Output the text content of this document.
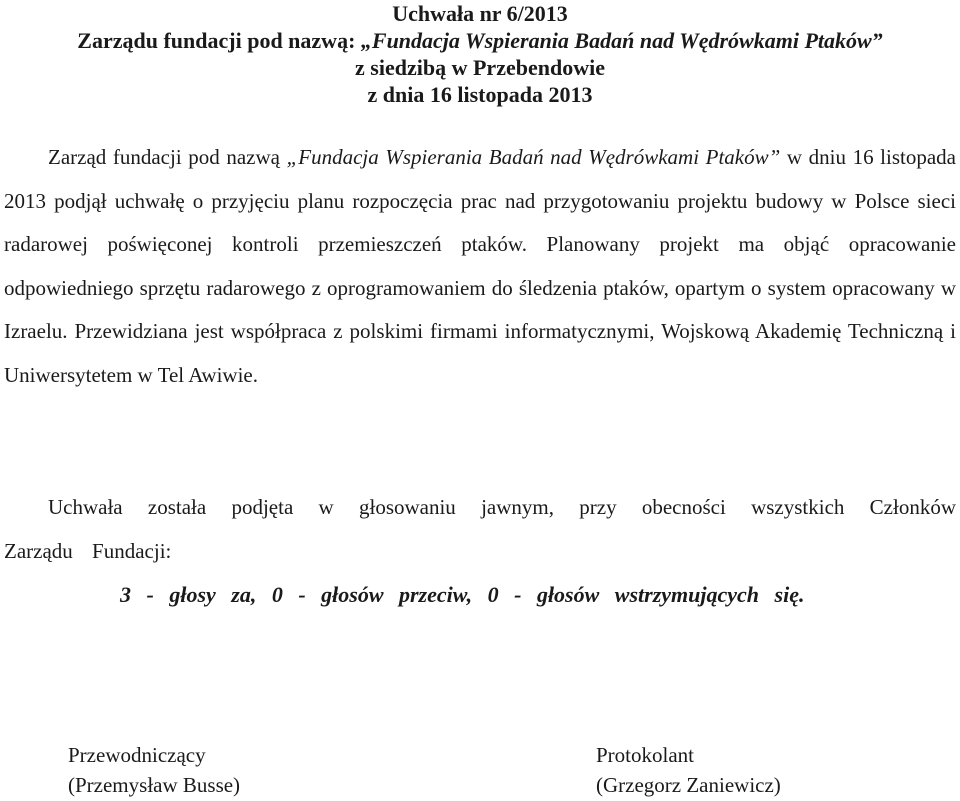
Uchwała nr 6/2013
Zarządu fundacji pod nazwą: „Fundacja Wspierania Badań nad Wędrówkami Ptaków”
z siedzibą w Przebendowie
z dnia 16 listopada 2013
Zarząd fundacji pod nazwą „Fundacja Wspierania Badań nad Wędrówkami Ptaków” w dniu 16 listopada 2013 podjął uchwałę o przyjęciu planu rozpoczęcia prac nad przygotowaniu projektu budowy w Polsce sieci radarowej poświęconej kontroli przemieszczeń ptaków. Planowany projekt ma objąć opracowanie odpowiedniego sprzętu radarowego z oprogramowaniem do śledzenia ptaków, opartym o system opracowany w Izraelu. Przewidziana jest współpraca z polskimi firmami informatycznymi, Wojskową Akademię Techniczną i Uniwersytetem w Tel Awiwie.
Uchwała została podjęta w głosowaniu jawnym, przy obecności wszystkich Członków Zarządu Fundacji:
3 - głosy za, 0 - głosów przeciw, 0 - głosów wstrzymujących się.
Przewodniczący
(Przemysław Busse)
Protokolant
(Grzegorz Zaniewicz)
